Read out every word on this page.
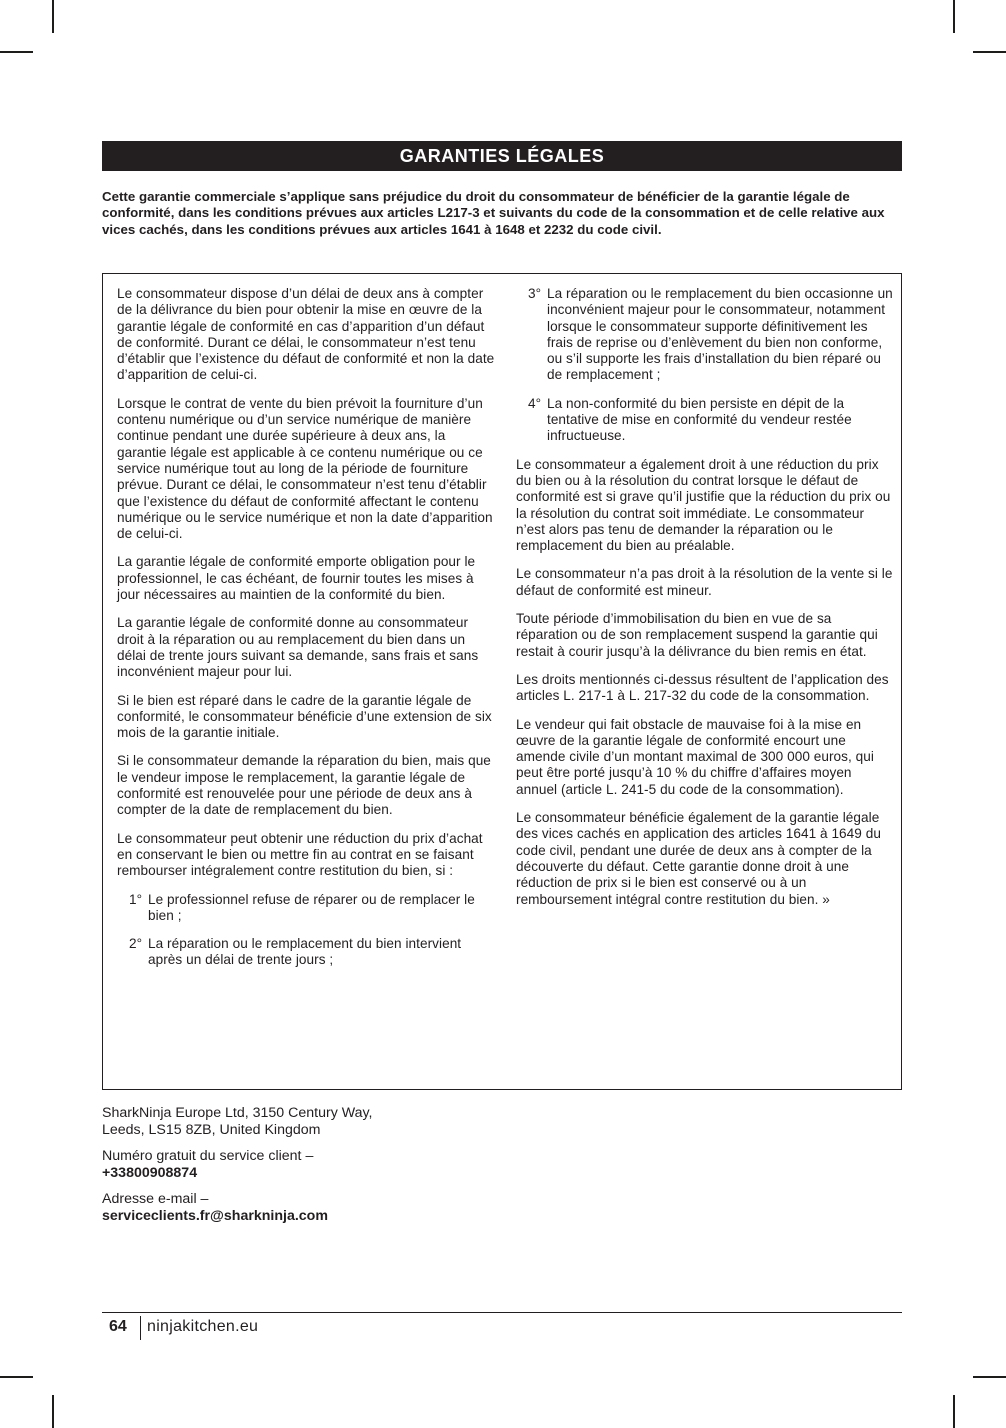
GARANTIES LÉGALES

Cette garantie commerciale s’applique sans préjudice du droit du consommateur de bénéficier de la garantie légale de conformité, dans les conditions prévues aux articles L217-3 et suivants du code de la consommation et de celle relative aux vices cachés, dans les conditions prévues aux articles 1641 à 1648 et 2232 du code civil.

Le consommateur dispose d’un délai de deux ans à compter de la délivrance du bien pour obtenir la mise en œuvre de la garantie légale de conformité en cas d’apparition d’un défaut de conformité. Durant ce délai, le consommateur n’est tenu d’établir que l’existence du défaut de conformité et non la date d’apparition de celui-ci.

Lorsque le contrat de vente du bien prévoit la fourniture d’un contenu numérique ou d’un service numérique de manière continue pendant une durée supérieure à deux ans, la garantie légale est applicable à ce contenu numérique ou ce service numérique tout au long de la période de fourniture prévue. Durant ce délai, le consommateur n’est tenu d’établir que l’existence du défaut de conformité affectant le contenu numérique ou le service numérique et non la date d’apparition de celui-ci.

La garantie légale de conformité emporte obligation pour le professionnel, le cas échéant, de fournir toutes les mises à jour nécessaires au maintien de la conformité du bien.

La garantie légale de conformité donne au consommateur droit à la réparation ou au remplacement du bien dans un délai de trente jours suivant sa demande, sans frais et sans inconvénient majeur pour lui.

Si le bien est réparé dans le cadre de la garantie légale de conformité, le consommateur bénéficie d’une extension de six mois de la garantie initiale.

Si le consommateur demande la réparation du bien, mais que le vendeur impose le remplacement, la garantie légale de conformité est renouvelée pour une période de deux ans à compter de la date de remplacement du bien.

Le consommateur peut obtenir une réduction du prix d’achat en conservant le bien ou mettre fin au contrat en se faisant rembourser intégralement contre restitution du bien, si :

1° Le professionnel refuse de réparer ou de remplacer le bien ;
2° La réparation ou le remplacement du bien intervient après un délai de trente jours ;
3° La réparation ou le remplacement du bien occasionne un inconvénient majeur pour le consommateur, notamment lorsque le consommateur supporte définitivement les frais de reprise ou d’enlèvement du bien non conforme, ou s’il supporte les frais d’installation du bien réparé ou de remplacement ;
4° La non-conformité du bien persiste en dépit de la tentative de mise en conformité du vendeur restée infructueuse.

Le consommateur a également droit à une réduction du prix du bien ou à la résolution du contrat lorsque le défaut de conformité est si grave qu’il justifie que la réduction du prix ou la résolution du contrat soit immédiate. Le consommateur n’est alors pas tenu de demander la réparation ou le remplacement du bien au préalable.

Le consommateur n’a pas droit à la résolution de la vente si le défaut de conformité est mineur.

Toute période d’immobilisation du bien en vue de sa réparation ou de son remplacement suspend la garantie qui restait à courir jusqu’à la délivrance du bien remis en état.

Les droits mentionnés ci-dessus résultent de l’application des articles L. 217-1 à L. 217-32 du code de la consommation.

Le vendeur qui fait obstacle de mauvaise foi à la mise en œuvre de la garantie légale de conformité encourt une amende civile d’un montant maximal de 300 000 euros, qui peut être porté jusqu’à 10 % du chiffre d’affaires moyen annuel (article L. 241-5 du code de la consommation).

Le consommateur bénéficie également de la garantie légale des vices cachés en application des articles 1641 à 1649 du code civil, pendant une durée de deux ans à compter de la découverte du défaut. Cette garantie donne droit à une réduction de prix si le bien est conservé ou à un remboursement intégral contre restitution du bien. »

SharkNinja Europe Ltd, 3150 Century Way,
Leeds, LS15 8ZB, United Kingdom

Numéro gratuit du service client –
+33800908874

Adresse e-mail –
serviceclients.fr@sharkninja.com

64 ninjakitchen.eu
